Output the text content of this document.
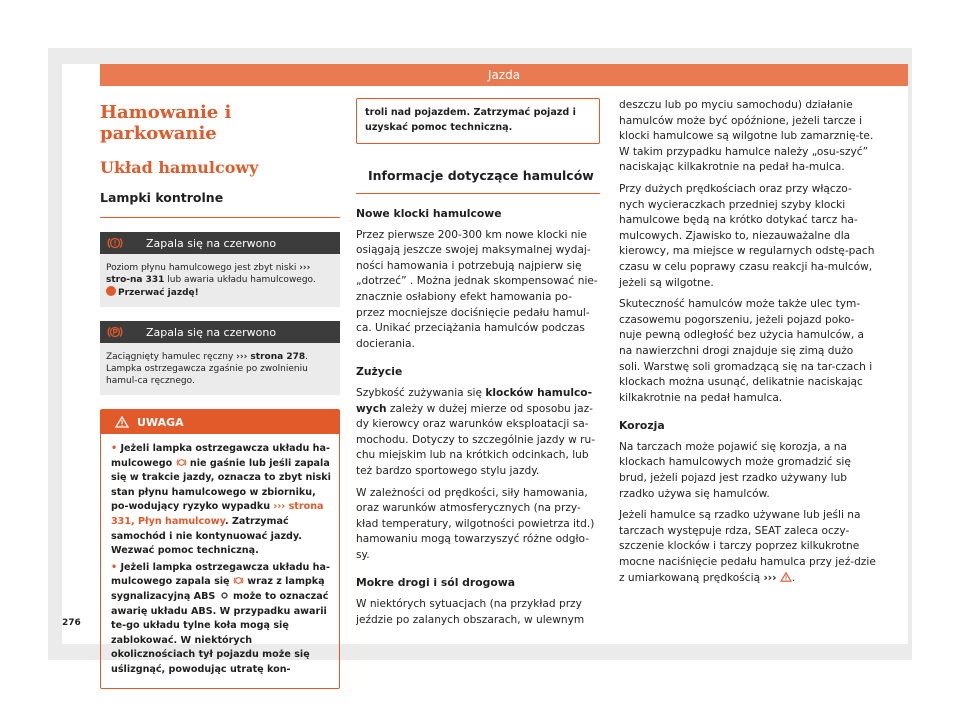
Jazda
Hamowanie i parkowanie
Układ hamulcowy
Lampki kontrolne
Zapala się na czerwono
Poziom płynu hamulcowego jest zbyt niski ››› stro-na 331 lub awaria układu hamulcowego.
Przerwać jazdę!
Zapala się na czerwono
Zaciągnięty hamulec ręczny ››› strona 278. Lampka ostrzegawcza zgaśnie po zwolnieniu hamul-ca ręcznego.
UWAGA

• Jeżeli lampka ostrzegawcza układu ha-mulcowego  nie gaśnie lub jeśli zapala się w trakcie jazdy, oznacza to zbyt niski stan płynu hamulcowego w zbiorniku, po-wodujący ryzyko wypadku ››› strona 331, Płyn hamulcowy. Zatrzymać samochód i nie kontynuować jazdy. Wezwać pomoc techniczną.

• Jeżeli lampka ostrzegawcza układu ha-mulcowego zapala się  wraz z lampką sygnalizacyjną ABS  może to oznaczać awarię układu ABS. W przypadku awarii te-go układu tylne koła mogą się zablokować. W niektórych okolicznościach tył pojazdu może się uślizgnąć, powodując utratę kon-

troli nad pojazdem. Zatrzymać pojazd i uzyskać pomoc techniczną.
Informacje dotyczące hamulców
Nowe klocki hamulcowe
Przez pierwsze 200-300 km nowe klocki nie osiągają jeszcze swojej maksymalnej wydaj-ności hamowania i potrzebują najpierw się „dotrzeć” . Można jednak skompensować nie-znacznie osłabiony efekt hamowania po-przez mocniejsze dociśnięcie pedału hamul-ca. Unikać przeciążania hamulców podczas docierania.
Zużycie
Szybkość zużywania się klocków hamulco-wych zależy w dużej mierze od sposobu jaz-dy kierowcy oraz warunków eksploatacji sa-mochodu. Dotyczy to szczególnie jazdy w ru-chu miejskim lub na krótkich odcinkach, lub też bardzo sportowego stylu jazdy.
W zależności od prędkości, siły hamowania, oraz warunków atmosferycznych (na przy-kład temperatury, wilgotności powietrza itd.) hamowaniu mogą towarzyszyć różne odgło-sy.
Mokre drogi i sól drogowa
W niektórych sytuacjach (na przykład przy jeździe po zalanych obszarach, w ulewnym
deszczu lub po myciu samochodu) działanie hamulców może być opóźnione, jeżeli tarcze i klocki hamulcowe są wilgotne lub zamarznię-te. W takim przypadku hamulce należy „osu-szyć” naciskając kilkakrotnie na pedał ha-mulca.
Przy dużych prędkościach oraz przy włączo-nych wycieraczkach przedniej szyby klocki hamulcowe będą na krótko dotykać tarcz ha-mulcowych. Zjawisko to, niezauważalne dla kierowcy, ma miejsce w regularnych odstę-pach czasu w celu poprawy czasu reakcji ha-mulców, jeżeli są wilgotne.
Skuteczność hamulców może także ulec tym-czasowemu pogorszeniu, jeżeli pojazd poko-nuje pewną odległość bez użycia hamulców, a na nawierzchni drogi znajduje się zimą dużo soli. Warstwę soli gromadzącą się na tar-czach i klockach można usunąć, delikatnie naciskając kilkakrotnie na pedał hamulca.
Korozja
Na tarczach może pojawić się korozja, a na klockach hamulcowych może gromadzić się brud, jeżeli pojazd jest rzadko używany lub rzadko używa się hamulców.
Jeżeli hamulce są rzadko używane lub jeśli na tarczach występuje rdza, SEAT zaleca oczy-szczenie klocków i tarczy poprzez kilkukrotne mocne naciśnięcie pedału hamulca przy jeź-dzie z umiarkowaną prędkością ››› .
276
